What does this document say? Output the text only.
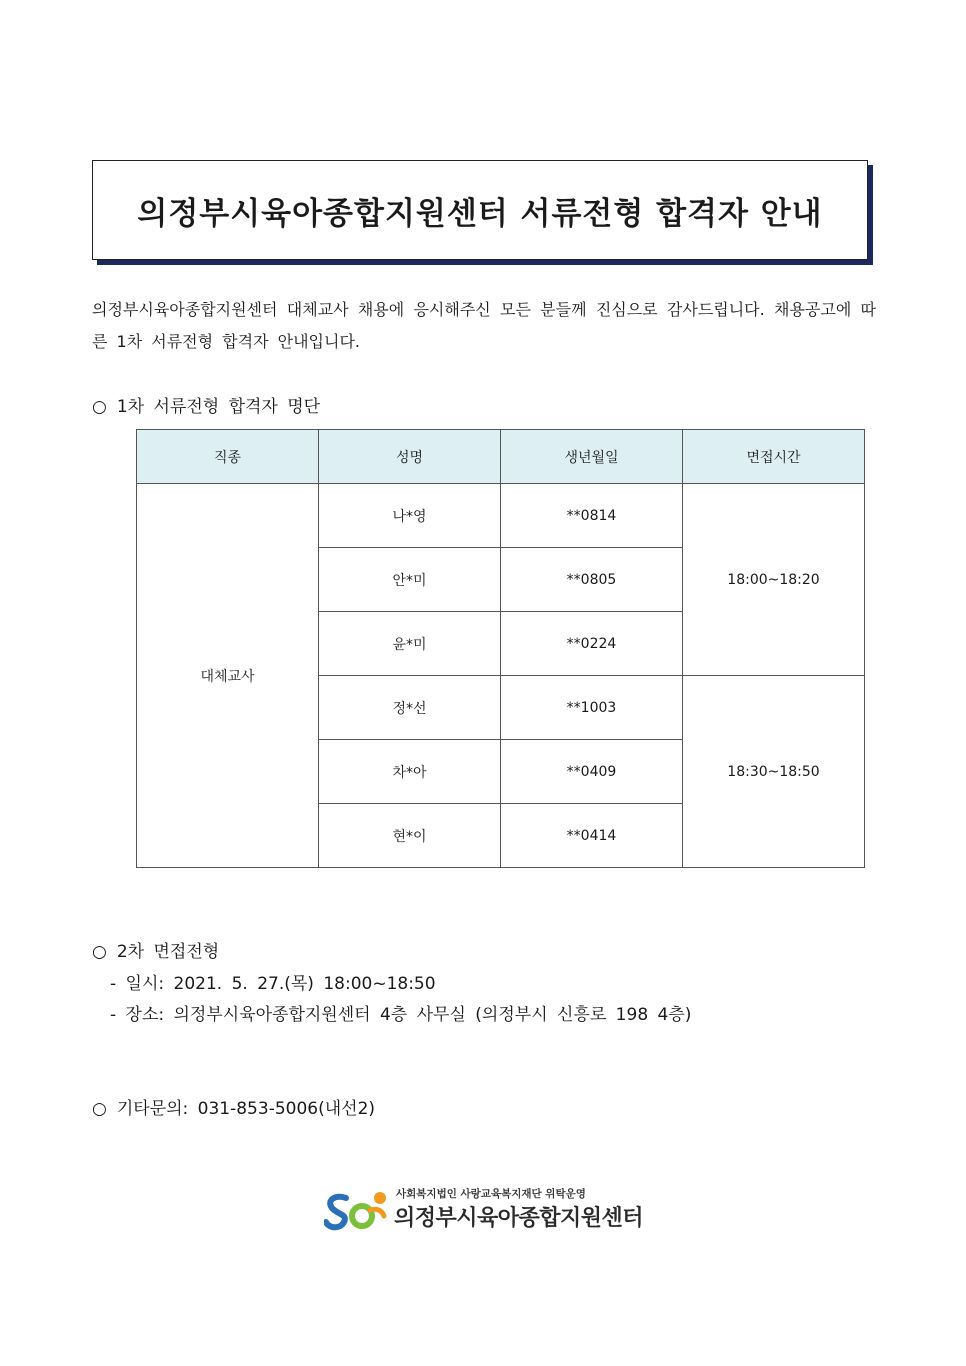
의정부시육아종합지원센터 서류전형 합격자 안내
의정부시육아종합지원센터 대체교사 채용에 응시해주신 모든 분들께 진심으로 감사드립니다. 채용공고에 따른 1차 서류전형 합격자 안내입니다.
○ 1차 서류전형 합격자 명단
직종	성명	생년월일	면접시간
대체교사	나*영	**0814	18:00~18:20
	안*미	**0805	
	윤*미	**0224	
	정*선	**1003	18:30~18:50
	차*아	**0409	
	현*이	**0414	
○ 2차 면접전형
- 일시: 2021. 5. 27.(목) 18:00~18:50
- 장소: 의정부시육아종합지원센터 4층 사무실 (의정부시 신흥로 198 4층)
○ 기타문의: 031-853-5006(내선2)
사회복지법인 사랑교육복지재단 위탁운영
의정부시육아종합지원센터
